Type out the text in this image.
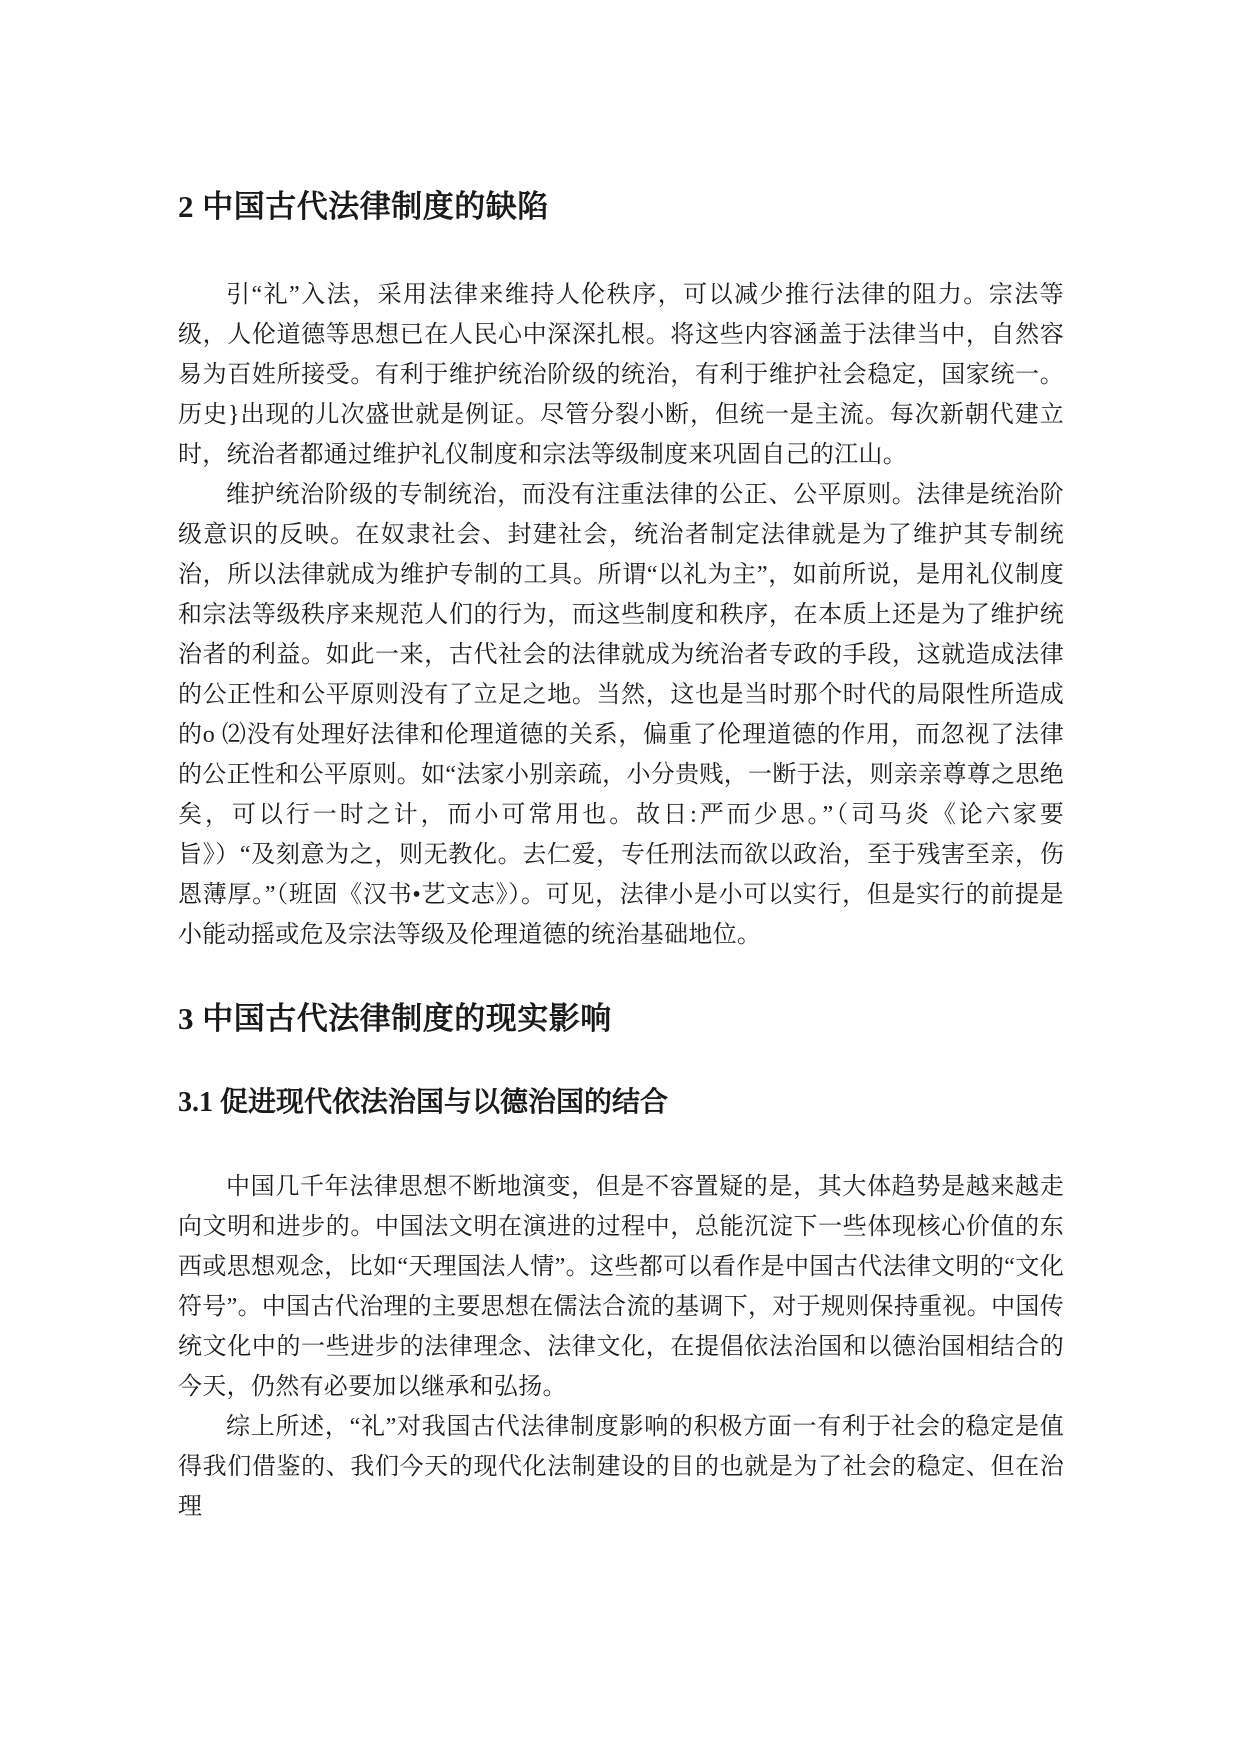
2 中国古代法律制度的缺陷

引“礼”入法，采用法律来维持人伦秩序，可以减少推行法律的阻力。宗法等级，人伦道德等思想已在人民心中深深扎根。将这些内容涵盖于法律当中，自然容易为百姓所接受。有利于维护统治阶级的统治，有利于维护社会稳定，国家统一。历史}出现的儿次盛世就是例证。尽管分裂小断，但统一是主流。每次新朝代建立时，统治者都通过维护礼仪制度和宗法等级制度来巩固自己的江山。

维护统治阶级的专制统治，而没有注重法律的公正、公平原则。法律是统治阶级意识的反映。在奴隶社会、封建社会，统治者制定法律就是为了维护其专制统治，所以法律就成为维护专制的工具。所谓“以礼为主”，如前所说，是用礼仪制度和宗法等级秩序来规范人们的行为，而这些制度和秩序，在本质上还是为了维护统治者的利益。如此一来，古代社会的法律就成为统治者专政的手段，这就造成法律的公正性和公平原则没有了立足之地。当然，这也是当时那个时代的局限性所造成的o ⑵没有处理好法律和伦理道德的关系，偏重了伦理道德的作用，而忽视了法律的公正性和公平原则。如“法家小别亲疏，小分贵贱，一断于法，则亲亲尊尊之思绝矣，可以行一时之计，而小可常用也。故日:严而少思。”（司马炎《论六家要旨》）“及刻意为之，则无教化。去仁爱，专任刑法而欲以政治，至于残害至亲，伤恩薄厚。”（班固《汉书•艺文志》）。可见，法律小是小可以实行，但是实行的前提是小能动摇或危及宗法等级及伦理道德的统治基础地位。

3 中国古代法律制度的现实影响
3.1 促进现代依法治国与以德治国的结合

中国几千年法律思想不断地演变，但是不容置疑的是，其大体趋势是越来越走向文明和进步的。中国法文明在演进的过程中，总能沉淀下一些体现核心价值的东西或思想观念，比如“天理国法人情”。这些都可以看作是中国古代法律文明的“文化符号”。中国古代治理的主要思想在儒法合流的基调下，对于规则保持重视。中国传统文化中的一些进步的法律理念、法律文化，在提倡依法治国和以德治国相结合的今天，仍然有必要加以继承和弘扬。

综上所述，“礼”对我国古代法律制度影响的积极方面一有利于社会的稳定是值得我们借鉴的、我们今天的现代化法制建设的目的也就是为了社会的稳定、但在治理
